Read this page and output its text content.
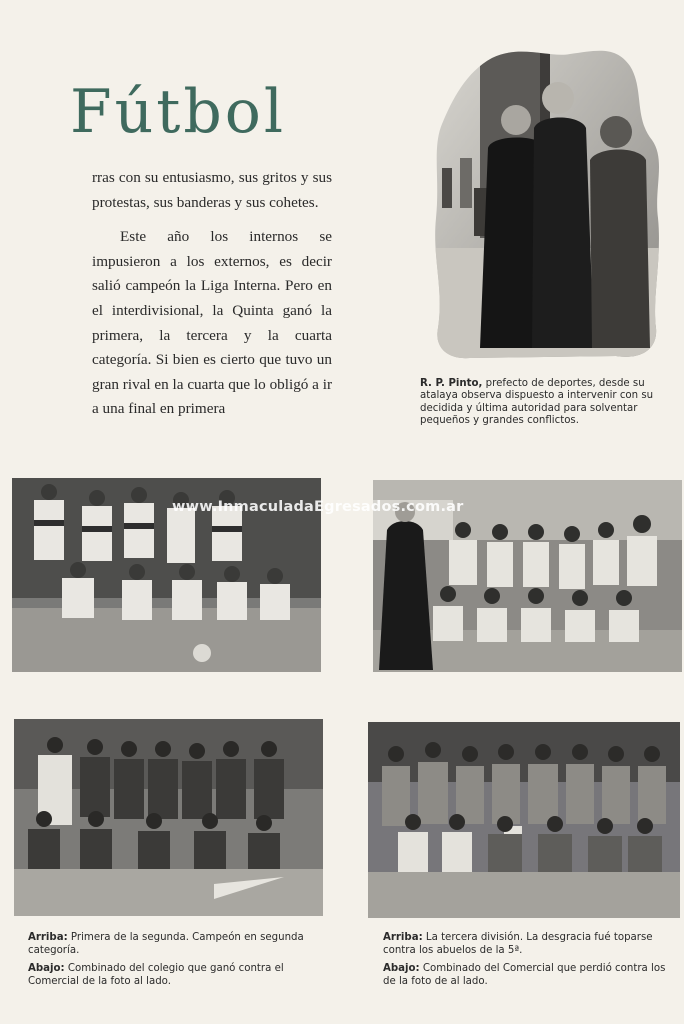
Fútbol

rras con su entusiasmo, sus gritos y sus protestas, sus banderas y sus cohetes.

Este año los internos se impusieron a los externos, es decir salió campeón la Liga Interna. Pero en el interdivisional, la Quinta ganó la primera, la tercera y la cuarta categoría. Si bien es cierto que tuvo un gran rival en la cuarta que lo obligó a ir a una final en primera

R. P. Pinto, prefecto de deportes, desde su atalaya observa dispuesto a intervenir con su decidida y última autoridad para solventar pequeños y grandes conflictos.
www.InmaculadaEgresados.com.ar

Arriba: Primera de la segunda. Campeón en segunda categoría.

Abajo: Combinado del colegio que ganó contra el Comercial de la foto al lado.

Arriba: La tercera división. La desgracia fué toparse contra los abuelos de la 5ª.

Abajo: Combinado del Comercial que perdió contra los de la foto de al lado.
